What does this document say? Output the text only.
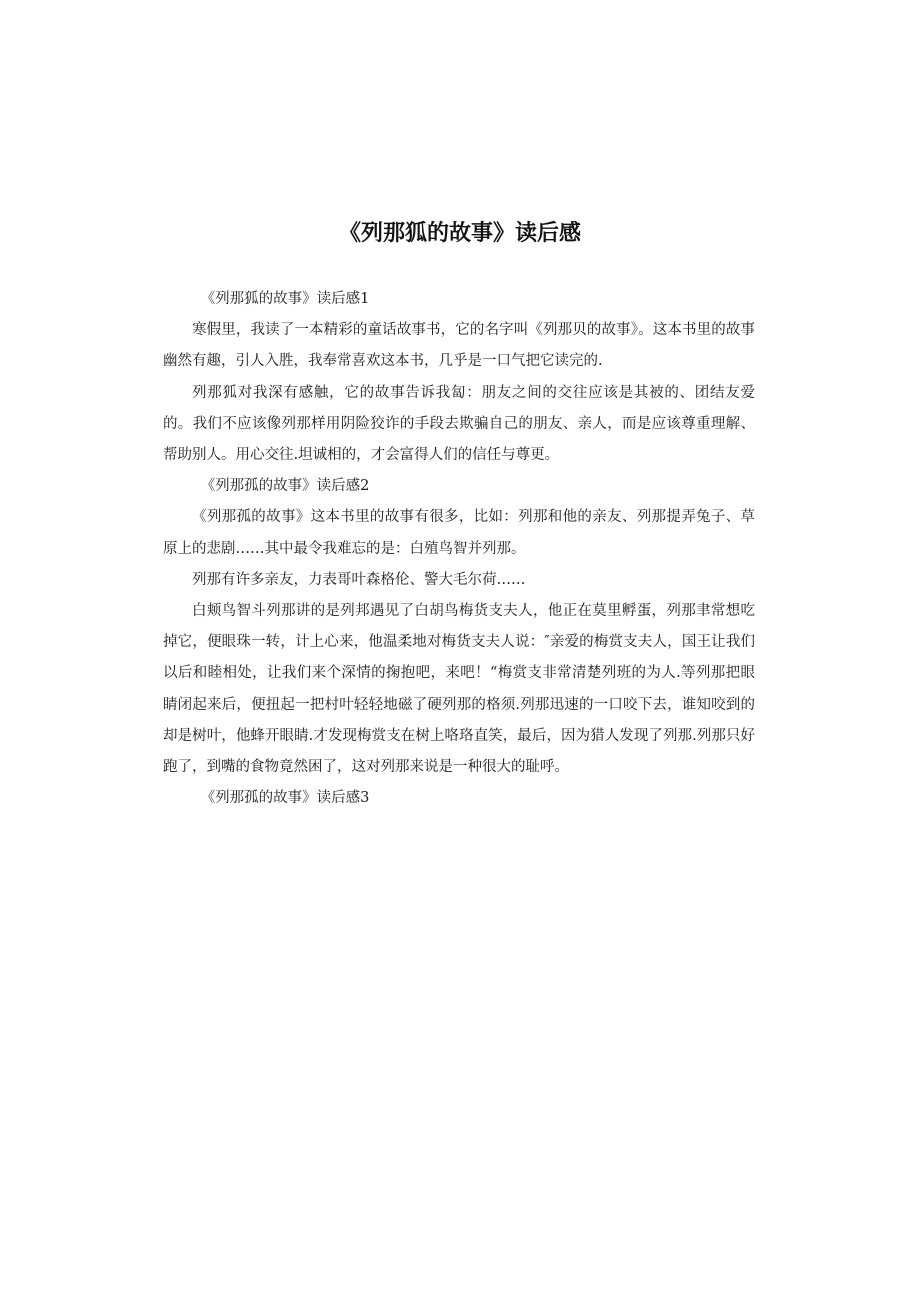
《列那狐的故事》读后感

《列那狐的故事》读后感1

寒假里，我读了一本精彩的童话故事书，它的名字叫《列那贝的故事》。这本书里的故事幽然有趣，引人入胜，我奉常喜欢这本书，几乎是一口气把它读完的.

列那狐对我深有感触，它的故事告诉我匐：朋友之间的交往应该是其被的、团结友爱的。我们不应该像列那样用阴险狡诈的手段去欺骗自己的朋友、亲人，而是应该尊重理解、帮助别人。用心交往.坦诚相的，才会富得人们的信任与尊更。

《列那孤的故事》读后感2

《列那孤的故事》这本书里的故事有很多，比如：列那和他的亲友、列那提弄兔子、草原上的悲剧……其中最令我难忘的是：白殖鸟智并列那。

列那有许多亲友，力表哥叶森格伦、警大毛尔荷……

白颊鸟智斗列那讲的是列邦遇见了白胡鸟梅货支夫人，他正在莫里孵蛋，列那聿常想吃掉它，便眼珠一转，计上心来，他温柔地对梅货支夫人说：″亲爱的梅赏支夫人，国王让我们以后和睦相处，让我们来个深情的掬抱吧，来吧！“梅赏支非常清楚列班的为人.等列那把眼睛闭起来后，便扭起一把村叶轻轻地磁了硬列那的格须.列那迅速的一口咬下去，谁知咬到的却是树叶，他蜂开眼睛.才发现梅赏支在树上咯珞直笑，最后，因为猎人发现了列那.列那只好跑了，到嘴的食物竟然困了，这对列那来说是一种很大的耻呼。

《列那孤的故事》读后感3
